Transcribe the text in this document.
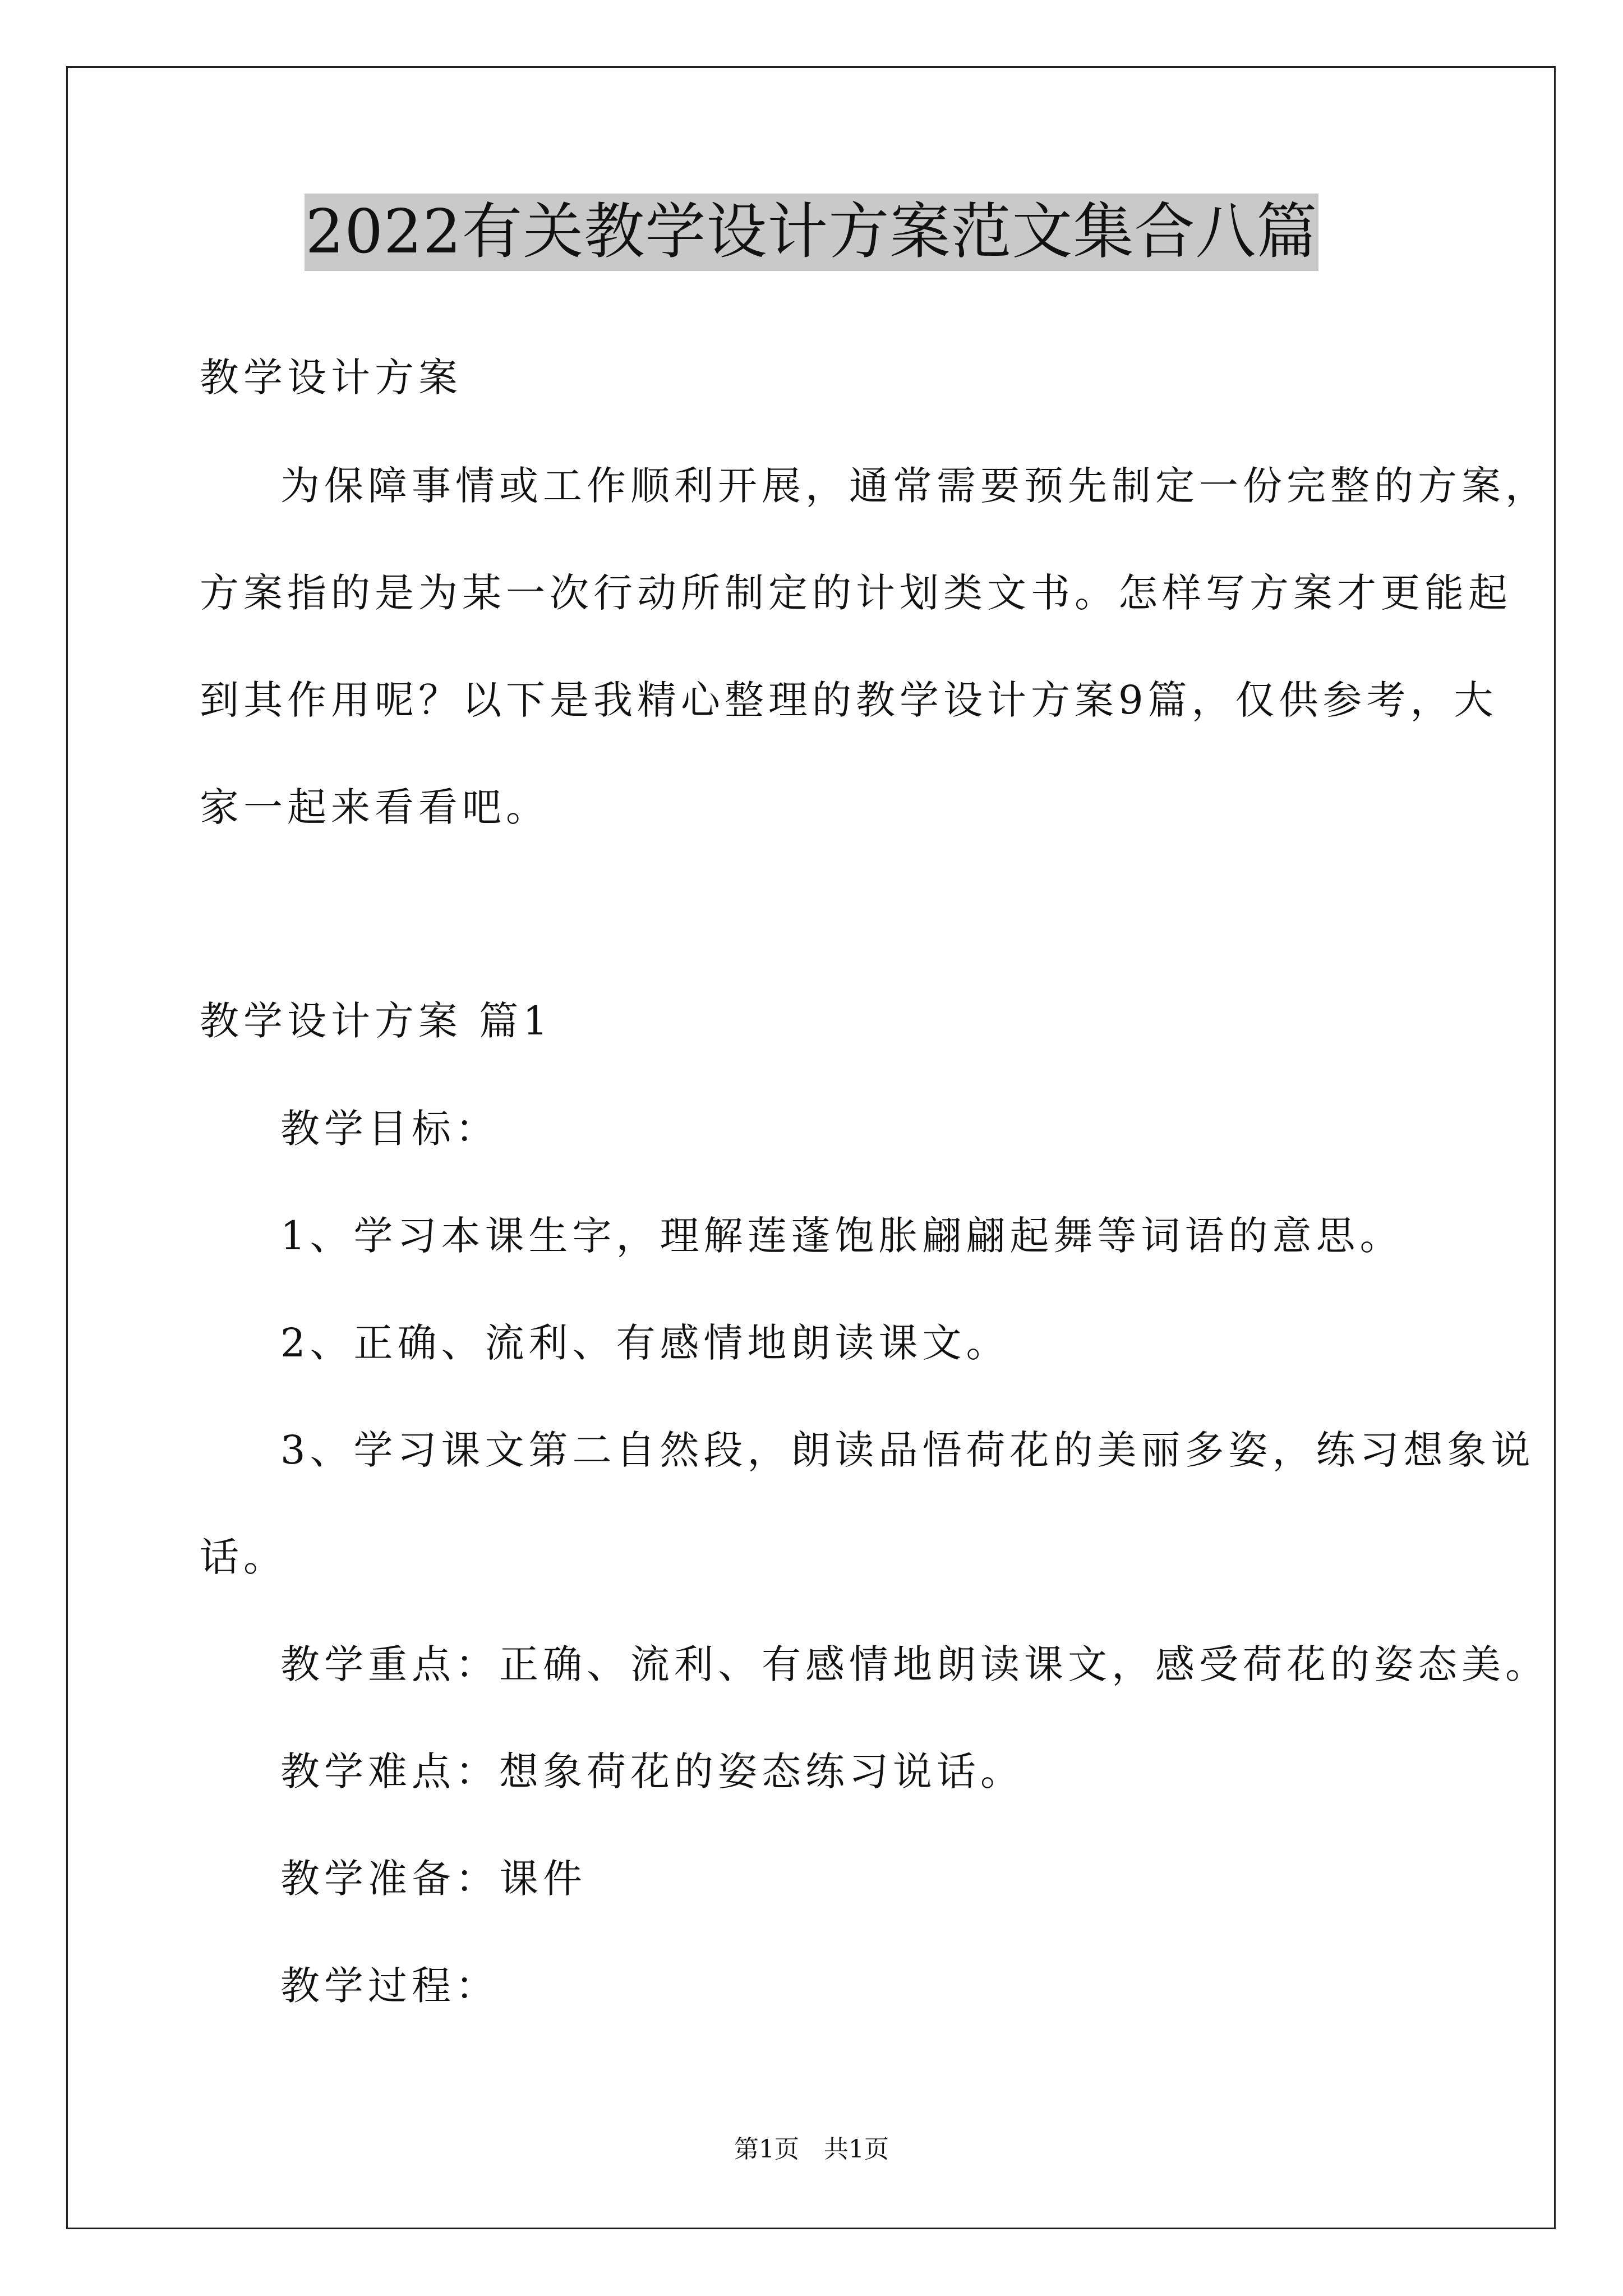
2022有关教学设计方案范文集合八篇
教学设计方案
为保障事情或工作顺利开展，通常需要预先制定一份完整的方案，
方案指的是为某一次行动所制定的计划类文书。怎样写方案才更能起
到其作用呢？以下是我精心整理的教学设计方案9篇，仅供参考，大
家一起来看看吧。
教学设计方案 篇1
教学目标：
1、学习本课生字，理解莲蓬饱胀翩翩起舞等词语的意思。
2、正确、流利、有感情地朗读课文。
3、学习课文第二自然段，朗读品悟荷花的美丽多姿，练习想象说
话。
教学重点：正确、流利、有感情地朗读课文，感受荷花的姿态美。
教学难点：想象荷花的姿态练习说话。
教学准备：课件
教学过程：
第1页　共1页
